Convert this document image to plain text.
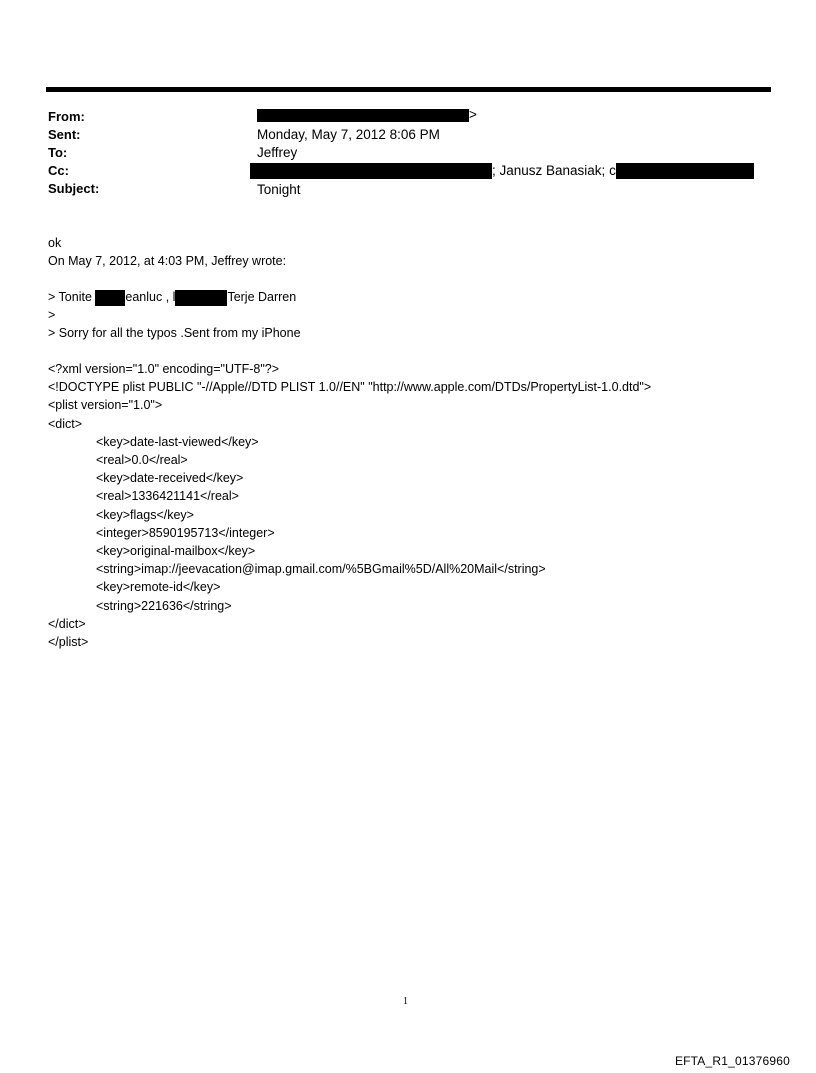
From:	>
Sent:	Monday, May 7, 2012 8:06 PM
To:	Jeffrey
Cc:	; Janusz Banasiak; c
Subject:	Tonight
ok
On May 7, 2012, at 4:03 PM, Jeffrey wrote:
> Tonite	eanluc , l	Terje Darren
>
> Sorry for all the typos .Sent from my iPhone
<?xml version="1.0" encoding="UTF-8"?>
<!DOCTYPE plist PUBLIC "-//Apple//DTD PLIST 1.0//EN" "http://www.apple.com/DTDs/PropertyList-1.0.dtd">
<plist version="1.0">
<dict>
<key>date-last-viewed</key>
<real>0.0</real>
<key>date-received</key>
<real>1336421141</real>
<key>flags</key>
<integer>8590195713</integer>
<key>original-mailbox</key>
<string>imap://jeevacation@imap.gmail.com/%5BGmail%5D/All%20Mail</string>
<key>remote-id</key>
<string>221636</string>
</dict>
</plist>
1
EFTA_R1_01376960
